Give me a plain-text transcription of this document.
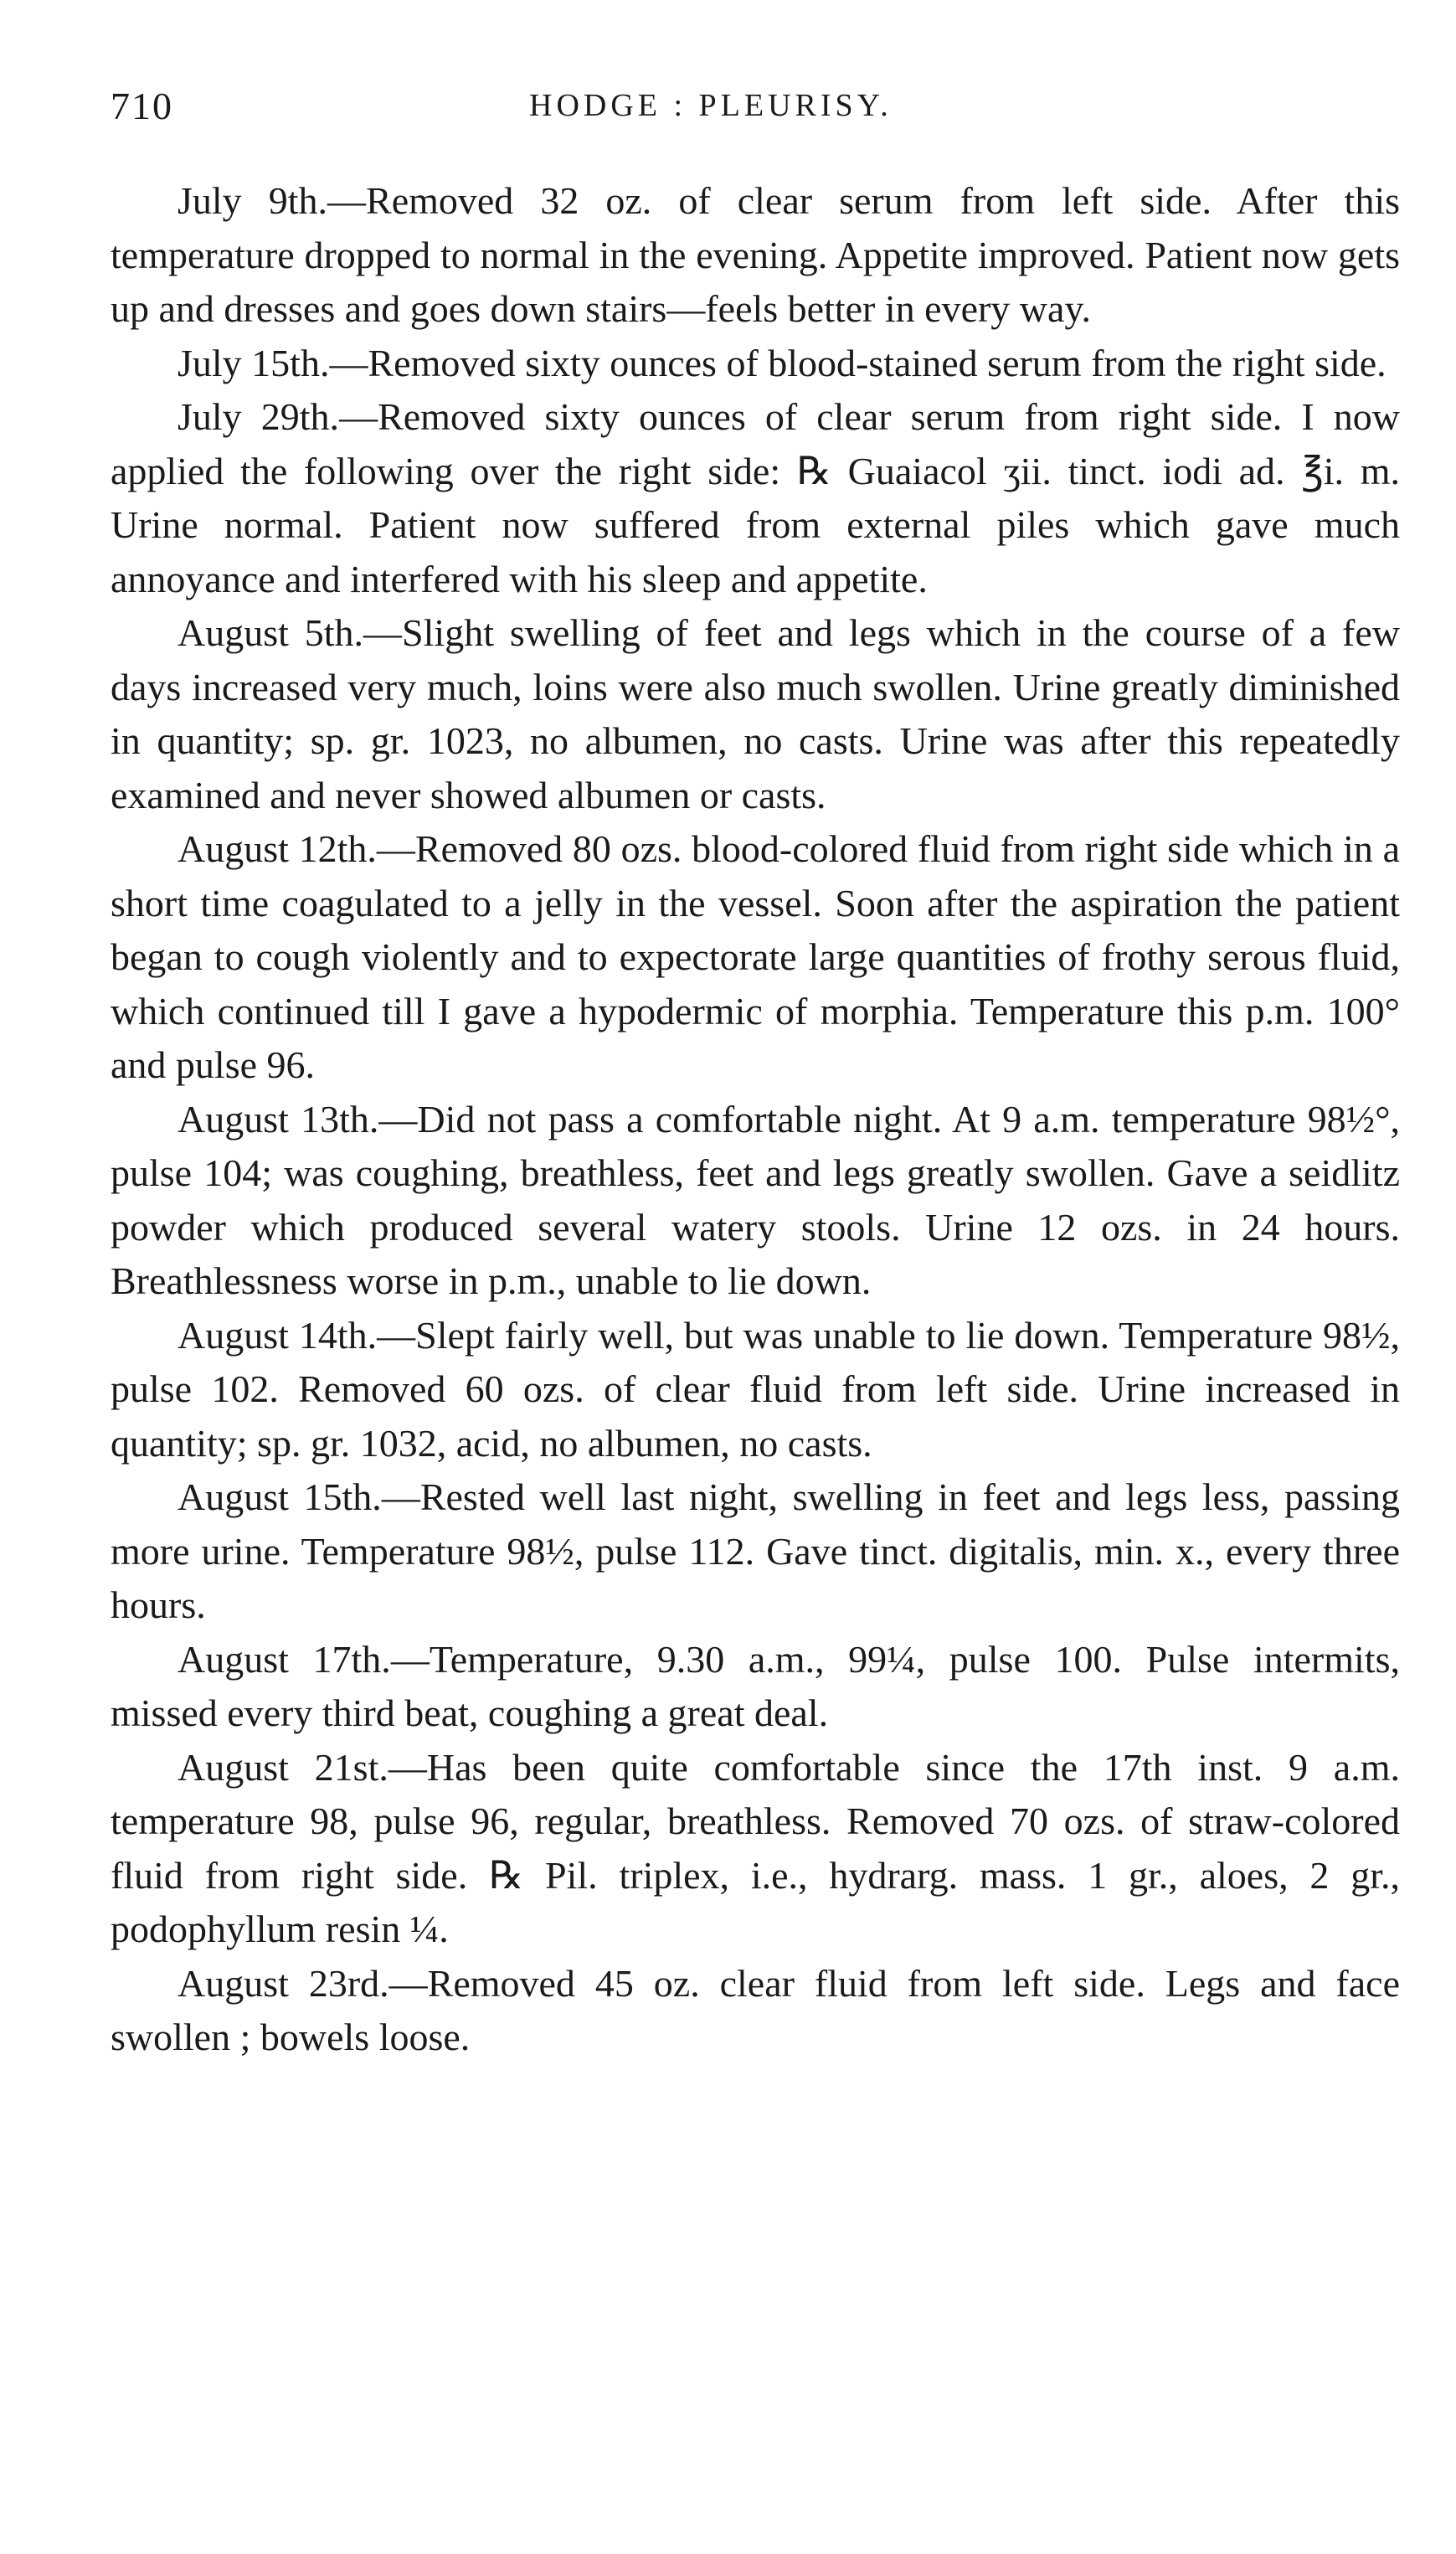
710	HODGE : PLEURISY.

July 9th.—Removed 32 oz. of clear serum from left side. After this temperature dropped to normal in the evening. Appetite improved. Patient now gets up and dresses and goes down stairs—feels better in every way.

July 15th.—Removed sixty ounces of blood-stained serum from the right side.

July 29th.—Removed sixty ounces of clear serum from right side. I now applied the following over the right side: ℞ Guaiacol ʒii. tinct. iodi ad. ℥i. m. Urine normal. Patient now suffered from external piles which gave much annoyance and interfered with his sleep and appetite.

August 5th.—Slight swelling of feet and legs which in the course of a few days increased very much, loins were also much swollen. Urine greatly diminished in quantity; sp. gr. 1023, no albumen, no casts. Urine was after this repeatedly examined and never showed albumen or casts.

August 12th.—Removed 80 ozs. blood-colored fluid from right side which in a short time coagulated to a jelly in the vessel. Soon after the aspiration the patient began to cough violently and to expectorate large quantities of frothy serous fluid, which continued till I gave a hypodermic of morphia. Temperature this p.m. 100° and pulse 96.

August 13th.—Did not pass a comfortable night. At 9 a.m. temperature 98½°, pulse 104; was coughing, breathless, feet and legs greatly swollen. Gave a seidlitz powder which produced several watery stools. Urine 12 ozs. in 24 hours. Breathlessness worse in p.m., unable to lie down.

August 14th.—Slept fairly well, but was unable to lie down. Temperature 98½, pulse 102. Removed 60 ozs. of clear fluid from left side. Urine increased in quantity; sp. gr. 1032, acid, no albumen, no casts.

August 15th.—Rested well last night, swelling in feet and legs less, passing more urine. Temperature 98½, pulse 112. Gave tinct. digitalis, min. x., every three hours.

August 17th.—Temperature, 9.30 a.m., 99¼, pulse 100. Pulse intermits, missed every third beat, coughing a great deal.

August 21st.—Has been quite comfortable since the 17th inst. 9 a.m. temperature 98, pulse 96, regular, breathless. Removed 70 ozs. of straw-colored fluid from right side. ℞ Pil. triplex, i.e., hydrarg. mass. 1 gr., aloes, 2 gr., podophyllum resin ¼.

August 23rd.—Removed 45 oz. clear fluid from left side. Legs and face swollen ; bowels loose.
